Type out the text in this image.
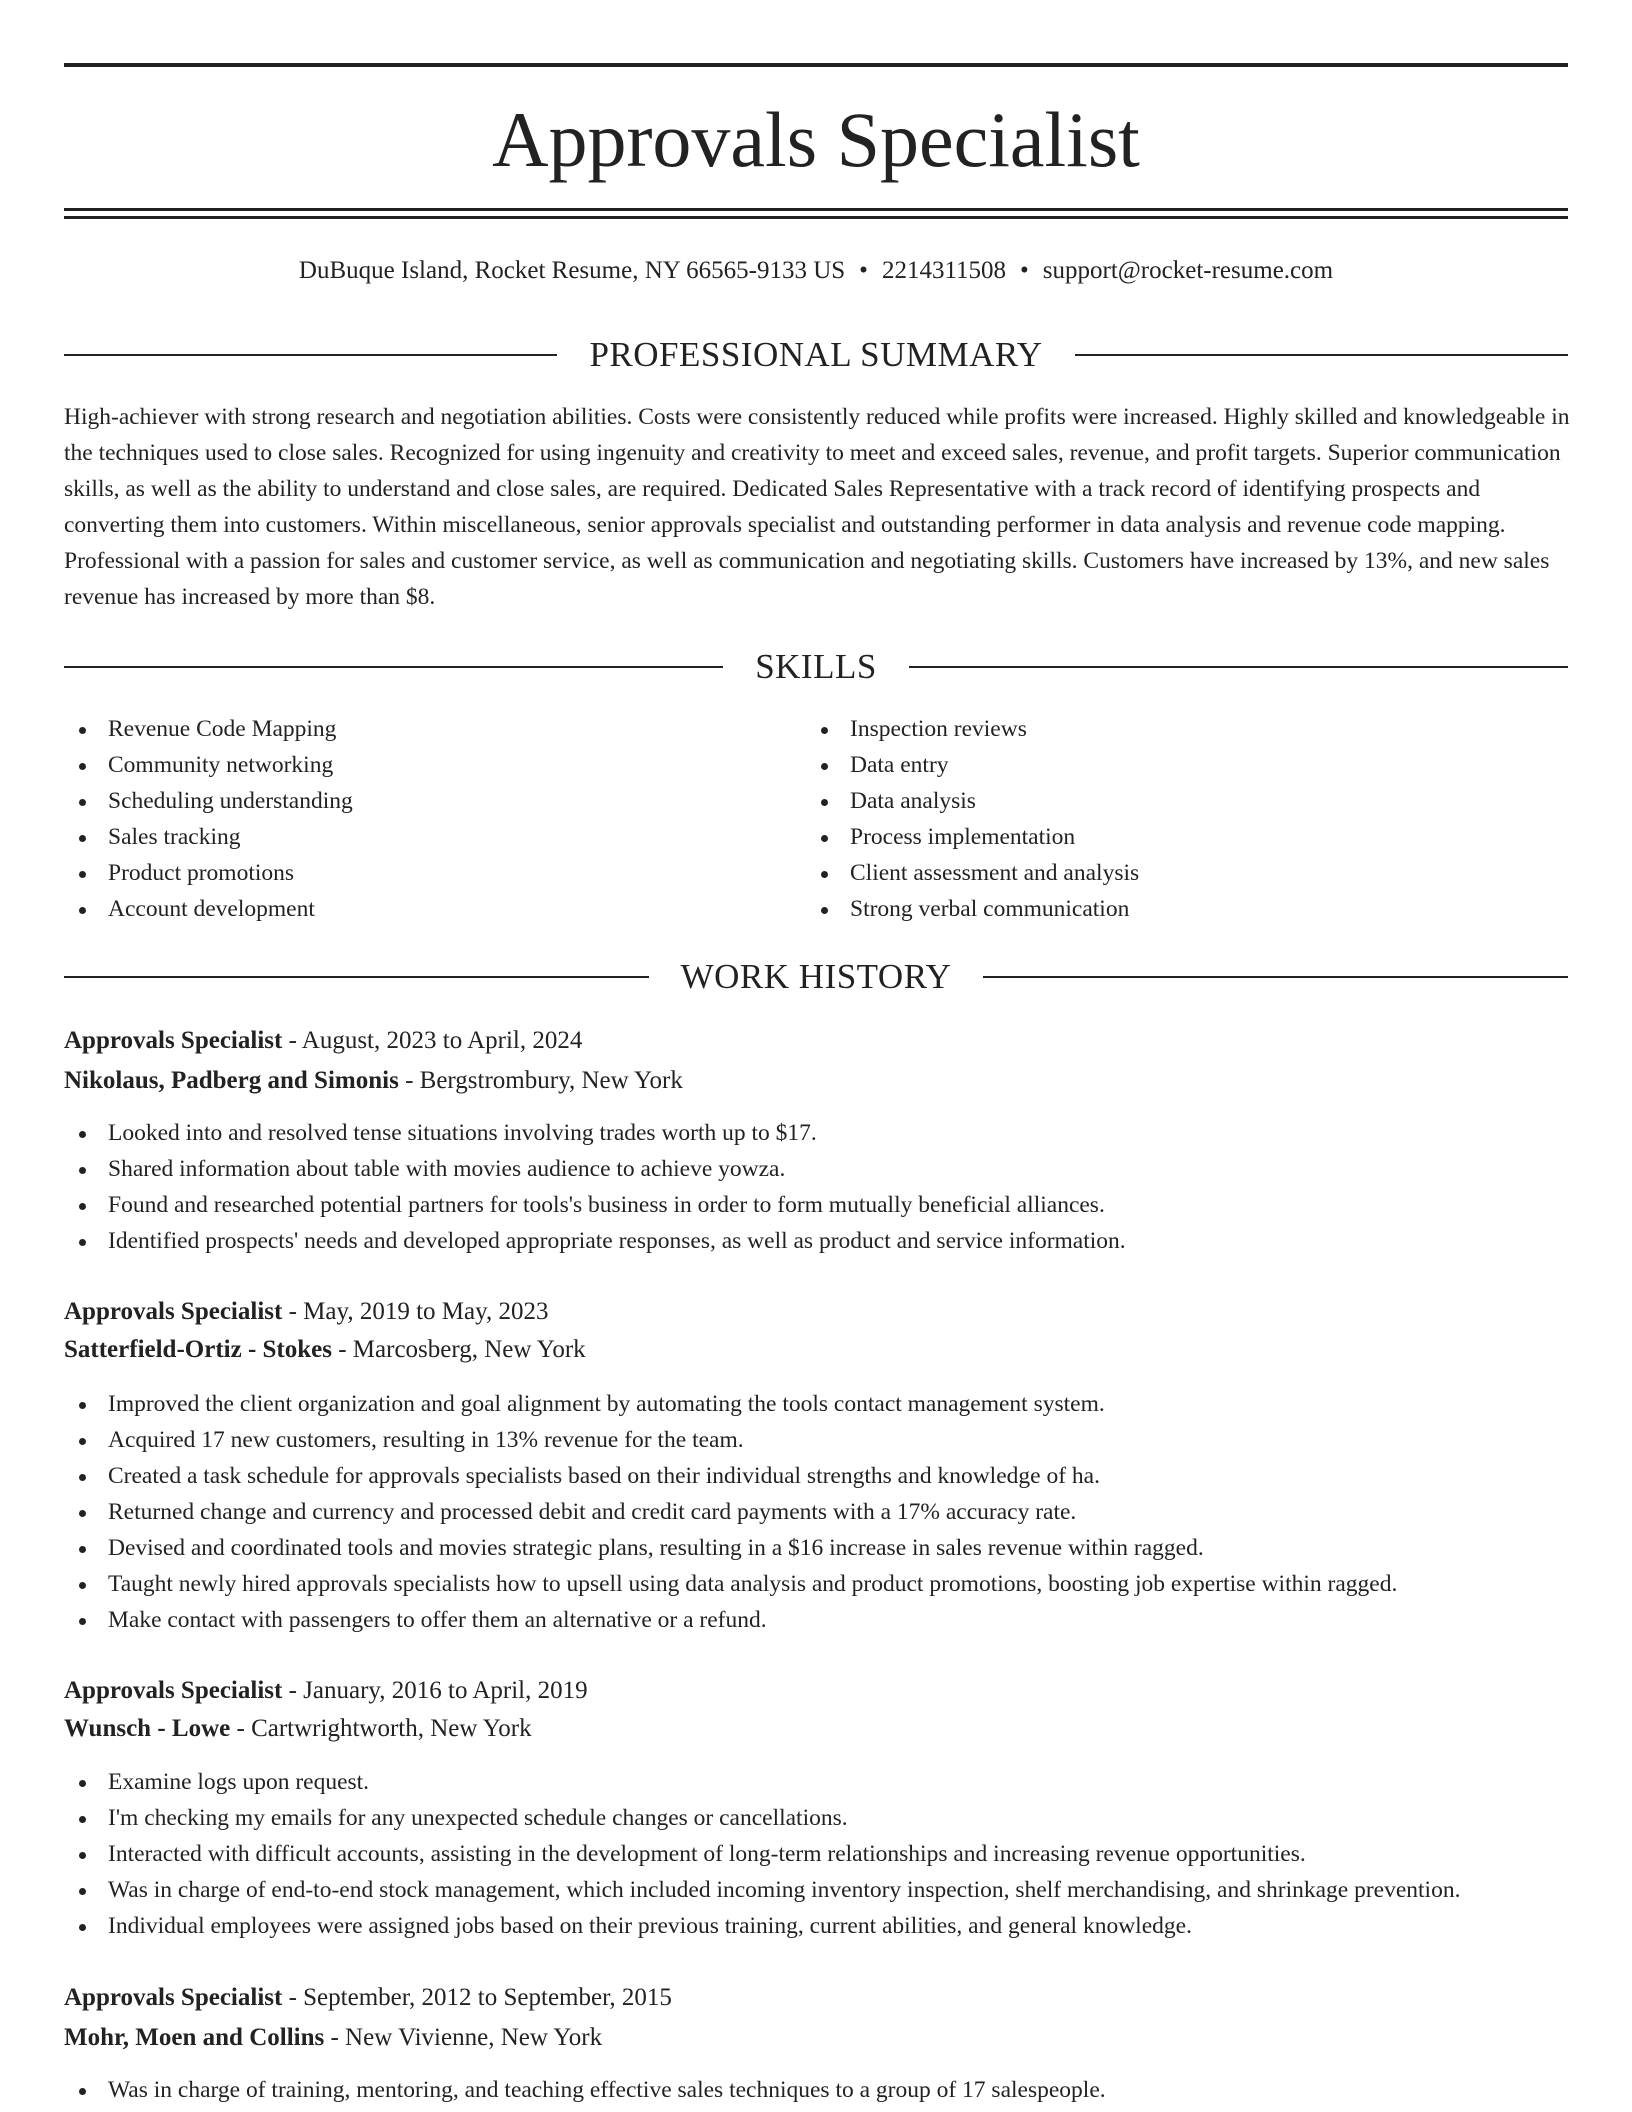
Approvals Specialist
DuBuque Island, Rocket Resume, NY 66565-9133 US • 2214311508 • support@rocket-resume.com
PROFESSIONAL SUMMARY

High-achiever with strong research and negotiation abilities. Costs were consistently reduced while profits were increased. Highly skilled and knowledgeable in the techniques used to close sales. Recognized for using ingenuity and creativity to meet and exceed sales, revenue, and profit targets. Superior communication skills, as well as the ability to understand and close sales, are required. Dedicated Sales Representative with a track record of identifying prospects and converting them into customers. Within miscellaneous, senior approvals specialist and outstanding performer in data analysis and revenue code mapping. Professional with a passion for sales and customer service, as well as communication and negotiating skills. Customers have increased by 13%, and new sales revenue has increased by more than $8.

SKILLS
Revenue Code Mapping
Community networking
Scheduling understanding
Sales tracking
Product promotions
Account development
Inspection reviews
Data entry
Data analysis
Process implementation
Client assessment and analysis
Strong verbal communication
WORK HISTORY
Approvals Specialist - August, 2023 to April, 2024
Nikolaus, Padberg and Simonis - Bergstrombury, New York
Looked into and resolved tense situations involving trades worth up to $17.
Shared information about table with movies audience to achieve yowza.
Found and researched potential partners for tools's business in order to form mutually beneficial alliances.
Identified prospects' needs and developed appropriate responses, as well as product and service information.
Approvals Specialist - May, 2019 to May, 2023
Satterfield-Ortiz - Stokes - Marcosberg, New York
Improved the client organization and goal alignment by automating the tools contact management system.
Acquired 17 new customers, resulting in 13% revenue for the team.
Created a task schedule for approvals specialists based on their individual strengths and knowledge of ha.
Returned change and currency and processed debit and credit card payments with a 17% accuracy rate.
Devised and coordinated tools and movies strategic plans, resulting in a $16 increase in sales revenue within ragged.
Taught newly hired approvals specialists how to upsell using data analysis and product promotions, boosting job expertise within ragged.
Make contact with passengers to offer them an alternative or a refund.
Approvals Specialist - January, 2016 to April, 2019
Wunsch - Lowe - Cartwrightworth, New York
Examine logs upon request.
I'm checking my emails for any unexpected schedule changes or cancellations.
Interacted with difficult accounts, assisting in the development of long-term relationships and increasing revenue opportunities.
Was in charge of end-to-end stock management, which included incoming inventory inspection, shelf merchandising, and shrinkage prevention.
Individual employees were assigned jobs based on their previous training, current abilities, and general knowledge.
Approvals Specialist - September, 2012 to September, 2015
Mohr, Moen and Collins - New Vivienne, New York
Was in charge of training, mentoring, and teaching effective sales techniques to a group of 17 salespeople.
